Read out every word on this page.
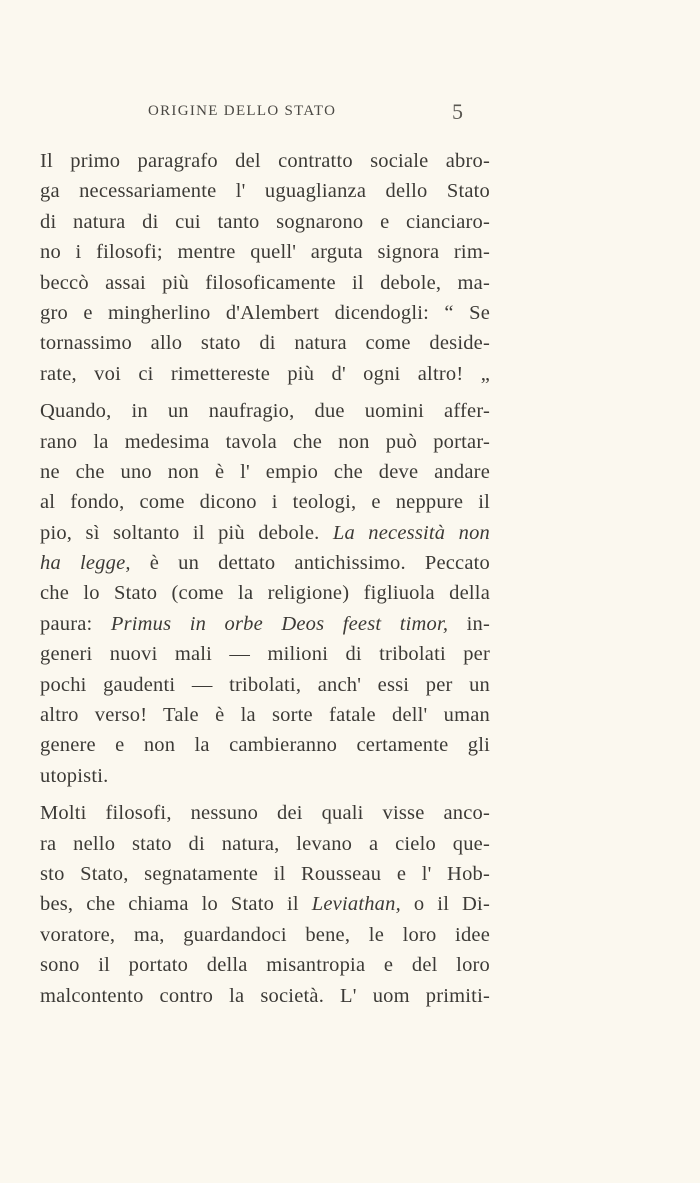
ORIGINE DELLO STATO	5
Il primo paragrafo del contratto sociale abro-
ga necessariamente l' uguaglianza dello Stato
di natura di cui tanto sognarono e cianciaro-
no i filosofi; mentre quell' arguta signora rim-
beccò assai più filosoficamente il debole, ma-
gro e mingherlino d'Alembert dicendogli: “ Se
tornassimo allo stato di natura come deside-
rate, voi ci rimettereste più d' ogni altro! „
Quando, in un naufragio, due uomini affer-
rano la medesima tavola che non può portar-
ne che uno non è l' empio che deve andare
al fondo, come dicono i teologi, e neppure il
pio, sì soltanto il più debole. La necessità non
ha legge, è un dettato antichissimo. Peccato
che lo Stato (come la religione) figliuola della
paura: Primus in orbe Deos feest timor, in-
generi nuovi mali — milioni di tribolati per
pochi gaudenti — tribolati, anch' essi per un
altro verso! Tale è la sorte fatale dell' uman
genere e non la cambieranno certamente gli
utopisti.
Molti filosofi, nessuno dei quali visse anco-
ra nello stato di natura, levano a cielo que-
sto Stato, segnatamente il Rousseau e l' Hob-
bes, che chiama lo Stato il Leviathan, o il Di-
voratore, ma, guardandoci bene, le loro idee
sono il portato della misantropia e del loro
malcontento contro la società. L' uom primiti-
